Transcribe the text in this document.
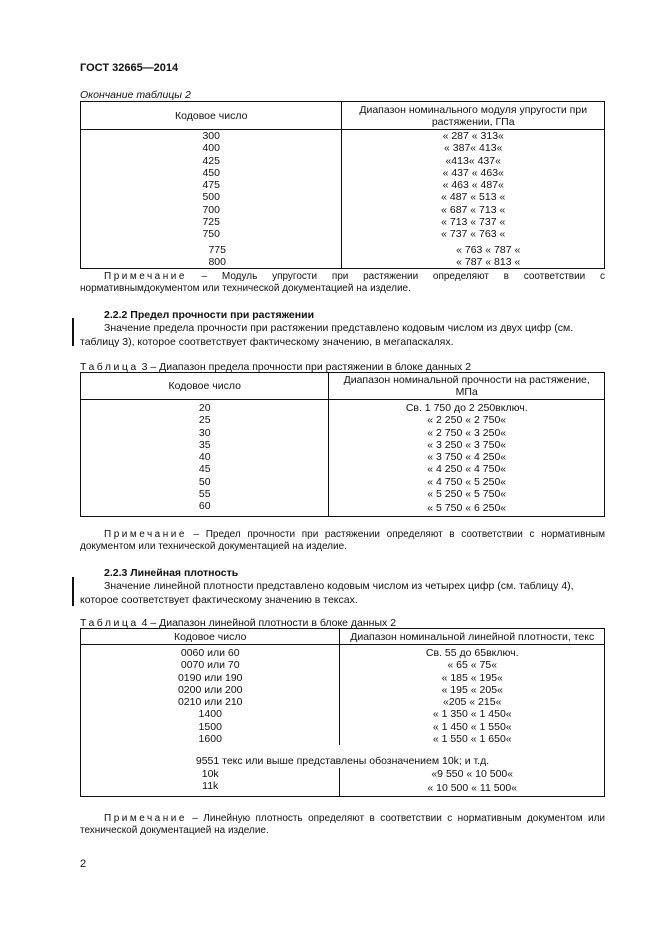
ГОСТ 32665—2014
Окончание таблицы 2
Кодовое число	Диапазон номинального модуля упругости при растяжении, ГПа
300	« 287 « 313«
400	« 387« 413«
425	«413« 437«
450	« 437 « 463«
475	« 463 « 487«
500	« 487 « 513 «
700	« 687 « 713 «
725	« 713 « 737 «
750	« 737 « 763 «
775	« 763 « 787 «
800	« 787 « 813 «
Примечание – Модуль упругости при растяжении определяют в соответствии с нормативнымдокументом или технической документацией на изделие.
2.2.2 Предел прочности при растяжении
Значение предела прочности при растяжении представлено кодовым числом из двух цифр (см. таблицу 3), которое соответствует фактическому значению, в мегапаскалях.
Таблица 3 – Диапазон предела прочности при растяжении в блоке данных 2
Кодовое число	Диапазон номинальной прочности на растяжение, МПа
20	Св. 1 750 до 2 250включ.
25	« 2 250 « 2 750«
30	« 2 750 « 3 250«
35	« 3 250 « 3 750«
40	« 3 750 « 4 250«
45	« 4 250 « 4 750«
50	« 4 750 « 5 250«
55	« 5 250 « 5 750«
60	« 5 750 « 6 250«
Примечание – Предел прочности при растяжении определяют в соответствии с нормативным документом или технической документацией на изделие.
2.2.3 Линейная плотность
Значение линейной плотности представлено кодовым числом из четырех цифр (см. таблицу 4), которое соответствует фактическому значению в тексах.
Таблица 4 – Диапазон линейной плотности в блоке данных 2
Кодовое число	Диапазон номинальной линейной плотности, текс
0060 или 60	Св. 55 до 65включ.
0070 или 70	« 65 « 75«
0190 или 190	« 185 « 195«
0200 или 200	« 195 « 205«
0210 или 210	«205 « 215«
1400	« 1 350 « 1 450«
1500	« 1 450 « 1 550«
1600	« 1 550 « 1 650«
9551 текс или выше представлены обозначением 10k; и т.д.	
10k	«9 550 « 10 500«
11k	« 10 500 « 11 500«
Примечание – Линейную плотность определяют в соответствии с нормативным документом или технической документацией на изделие.
2
